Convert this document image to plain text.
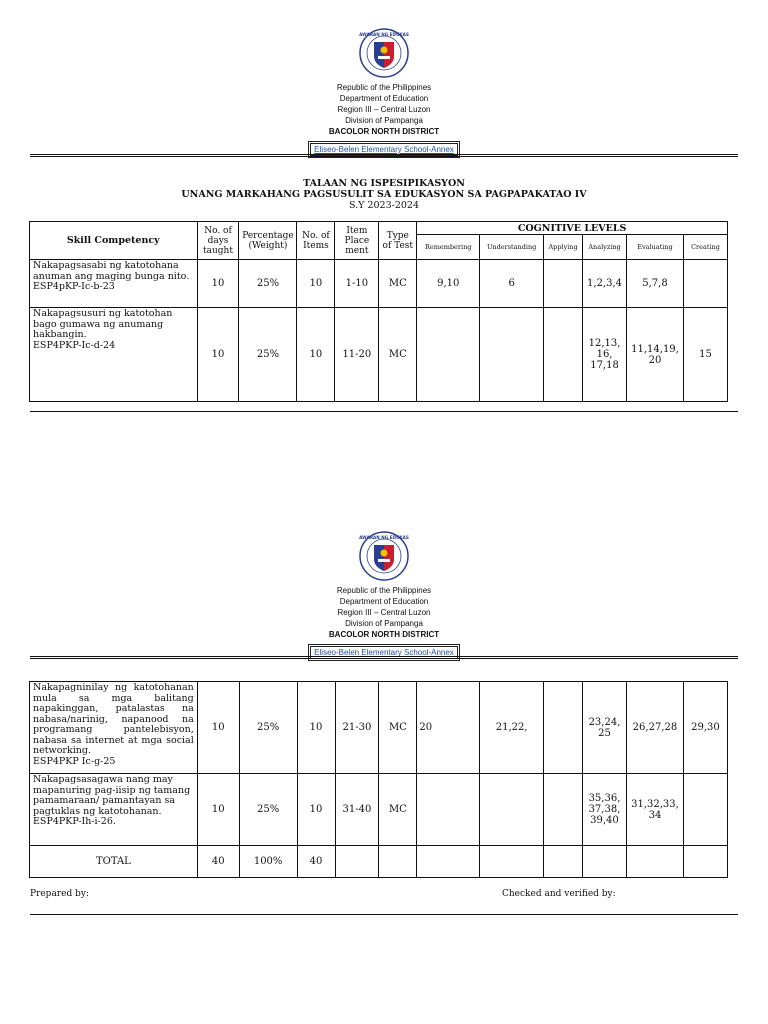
Republic of the Philippines
Department of Education
Region III – Central Luzon
Division of Pampanga
BACOLOR NORTH DISTRICT
Eliseo-Belen Elementary School-Annex
TALAAN NG ISPESIPIKASYON
UNANG MARKAHANG PAGSUSULIT SA EDUKASYON SA PAGPAPAKATAO IV
S.Y 2023-2024
Skill Competency	No. of days taught	Percentage (Weight)	No. of Items	Item Place ment	Type of Test	COGNITIVE LEVELS					
						Remembering	Understanding	Applying	Analyzing	Evaluating	Creating
Nakapagsasabi ng katotohana anuman ang maging bunga nito.
ESP4pKP-Ic-b-23	10	25%	10	1-10	MC	9,10	6		1,2,3,4	5,7,8	
Nakapagsusuri ng katotohan bago gumawa ng anumang hakbangin.
ESP4PKP-Ic-d-24	10	25%	10	11-20	MC				12,13, 16, 17,18	11,14,19, 20	15
Republic of the Philippines
Department of Education
Region III – Central Luzon
Division of Pampanga
BACOLOR NORTH DISTRICT
Eliseo-Belen Elementary School-Annex
Nakapagninilay ng katotohanan mula sa mga balitang napakinggan, patalastas na nabasa/narinig, napanood na programang pantelebisyon, nabasa sa internet at mga social networking.
ESP4PKP Ic-g-25	10	25%	10	21-30	MC	20	21,22,		23,24, 25	26,27,28	29,30
Nakapagsasagawa nang may mapanuring pag-iisip ng tamang pamamaraan/ pamantayan sa pagtuklas ng katotohanan.
ESP4PKP-Ih-i-26.	10	25%	10	31-40	MC				35,36, 37,38, 39,40	31,32,33, 34	
TOTAL	40	100%	40								
Prepared by:	Checked and verified by:
